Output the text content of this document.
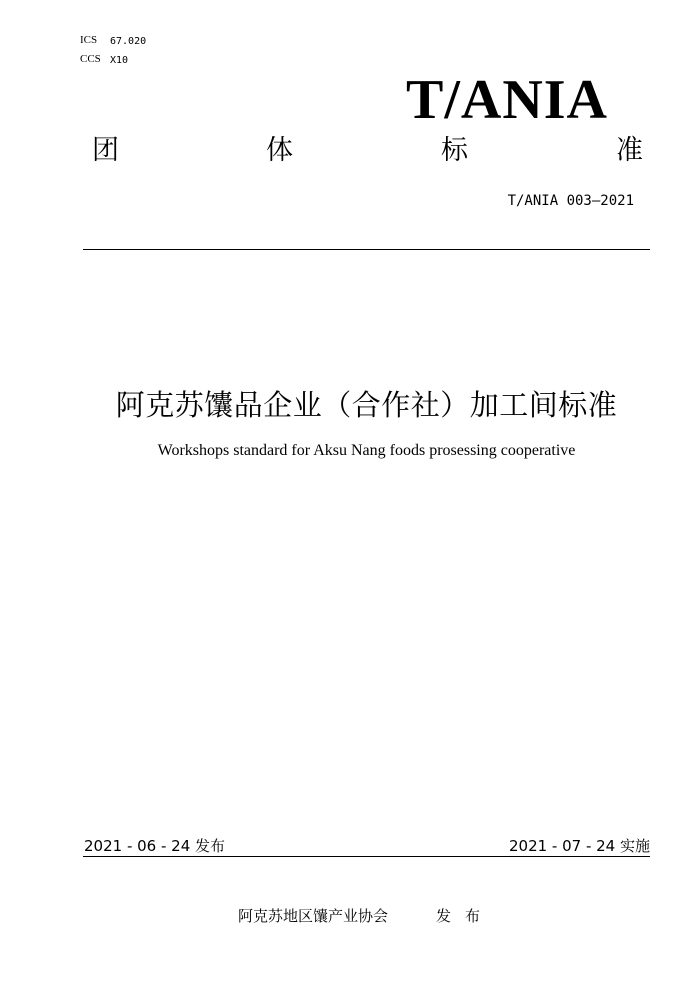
ICS 67.020
CCS X10
T/ANIA
团	体	标	准
T/ANIA 003—2021
阿克苏馕品企业（合作社）加工间标准
Workshops standard for Aksu Nang foods prosessing cooperative
2021 - 06 - 24 发布	2021 - 07 - 24 实施
阿克苏地区馕产业协会	发布
